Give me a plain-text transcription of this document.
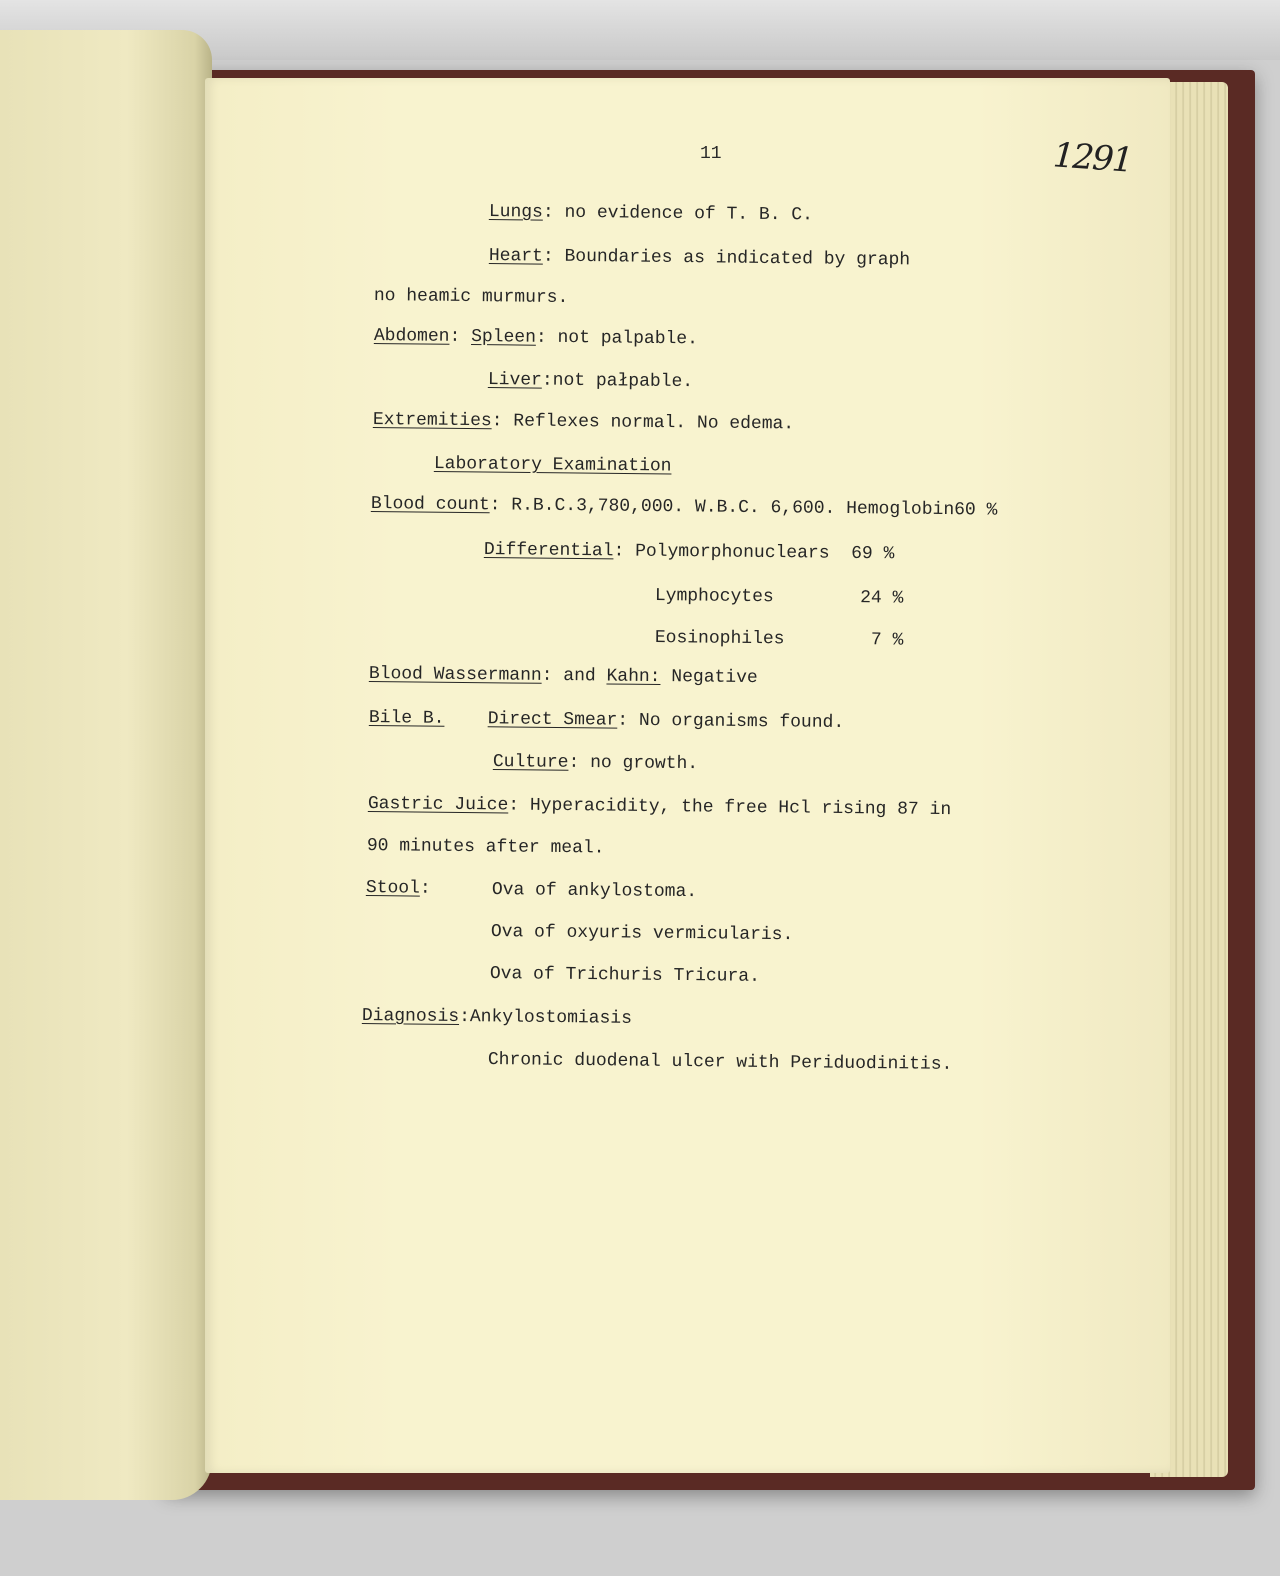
11	1291
Lungs: no evidence of T. B. C.
Heart: Boundaries as indicated by graph
no heamic murmurs.
Abdomen: Spleen: not palpable.
Liver:not pałpable.
Extremities: Reflexes normal. No edema.
Laboratory Examination
Blood count: R.B.C.3,780,000. W.B.C. 6,600. Hemoglobin60 %
Differential: Polymorphonuclears  69 %
Lymphocytes        24 %
Eosinophiles        7 %
Blood Wassermann: and Kahn: Negative
Bile B. Direct Smear: No organisms found.
Culture: no growth.
Gastric Juice: Hyperacidity, the free Hcl rising 87 in
90 minutes after meal.
Stool:	Ova of ankylostoma.
Ova of oxyuris vermicularis.
Ova of Trichuris Tricura.
Diagnosis:Ankylostomiasis
Chronic duodenal ulcer with Periduodinitis.
